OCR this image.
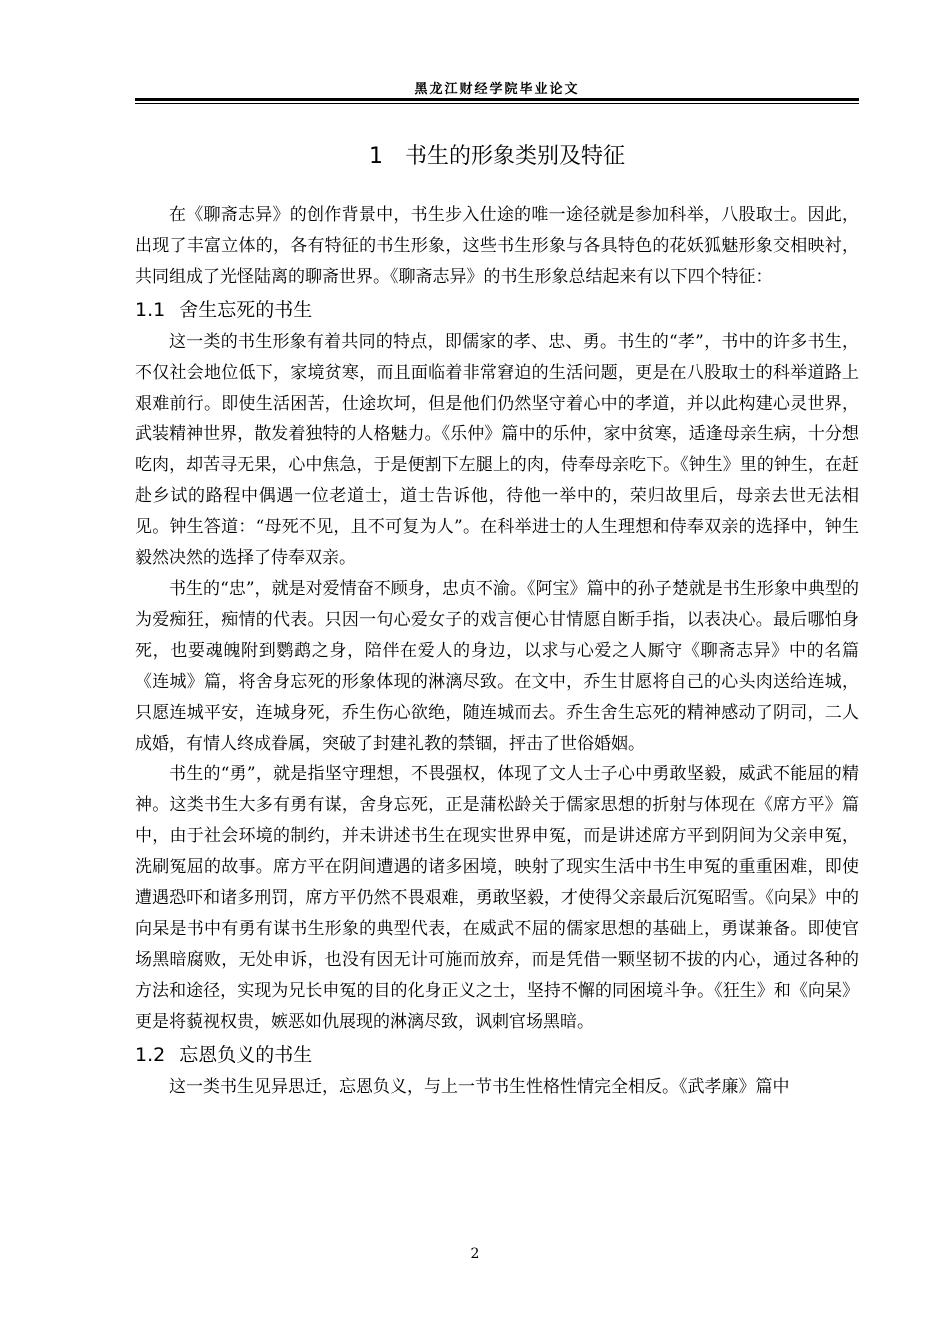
黑龙江财经学院毕业论文
1 书生的形象类别及特征

在《聊斋志异》的创作背景中，书生步入仕途的唯一途径就是参加科举，八股取士。因此，出现了丰富立体的，各有特征的书生形象，这些书生形象与各具特色的花妖狐魅形象交相映衬，共同组成了光怪陆离的聊斋世界。《聊斋志异》的书生形象总结起来有以下四个特征：

1.1 舍生忘死的书生

这一类的书生形象有着共同的特点，即儒家的孝、忠、勇。书生的“孝”，书中的许多书生，不仅社会地位低下，家境贫寒，而且面临着非常窘迫的生活问题，更是在八股取士的科举道路上艰难前行。即使生活困苦，仕途坎坷，但是他们仍然坚守着心中的孝道，并以此构建心灵世界，武装精神世界，散发着独特的人格魅力。《乐仲》篇中的乐仲，家中贫寒，适逢母亲生病，十分想吃肉，却苦寻无果，心中焦急，于是便割下左腿上的肉，侍奉母亲吃下。《钟生》里的钟生，在赶赴乡试的路程中偶遇一位老道士，道士告诉他，待他一举中的，荣归故里后，母亲去世无法相见。钟生答道：“母死不见，且不可复为人”。在科举进士的人生理想和侍奉双亲的选择中，钟生毅然决然的选择了侍奉双亲。

书生的“忠”，就是对爱情奋不顾身，忠贞不渝。《阿宝》篇中的孙子楚就是书生形象中典型的为爱痴狂，痴情的代表。只因一句心爱女子的戏言便心甘情愿自断手指，以表决心。最后哪怕身死，也要魂魄附到鹦鹉之身，陪伴在爱人的身边，以求与心爱之人厮守《聊斋志异》中的名篇《连城》篇，将舍身忘死的形象体现的淋漓尽致。在文中，乔生甘愿将自己的心头肉送给连城，只愿连城平安，连城身死，乔生伤心欲绝，随连城而去。乔生舍生忘死的精神感动了阴司，二人成婚，有情人终成眷属，突破了封建礼教的禁锢，抨击了世俗婚姻。

书生的“勇”，就是指坚守理想，不畏强权，体现了文人士子心中勇敢坚毅，威武不能屈的精神。这类书生大多有勇有谋，舍身忘死，正是蒲松龄关于儒家思想的折射与体现在《席方平》篇中，由于社会环境的制约，并未讲述书生在现实世界申冤，而是讲述席方平到阴间为父亲申冤，洗刷冤屈的故事。席方平在阴间遭遇的诸多困境，映射了现实生活中书生申冤的重重困难，即使遭遇恐吓和诸多刑罚，席方平仍然不畏艰难，勇敢坚毅，才使得父亲最后沉冤昭雪。《向杲》中的向杲是书中有勇有谋书生形象的典型代表，在威武不屈的儒家思想的基础上，勇谋兼备。即使官场黑暗腐败，无处申诉，也没有因无计可施而放弃，而是凭借一颗坚韧不拔的内心，通过各种的方法和途径，实现为兄长申冤的目的化身正义之士，坚持不懈的同困境斗争。《狂生》和《向杲》更是将藐视权贵，嫉恶如仇展现的淋漓尽致，讽刺官场黑暗。

1.2 忘恩负义的书生

这一类书生见异思迁，忘恩负义，与上一节书生性格性情完全相反。《武孝廉》篇中

2
